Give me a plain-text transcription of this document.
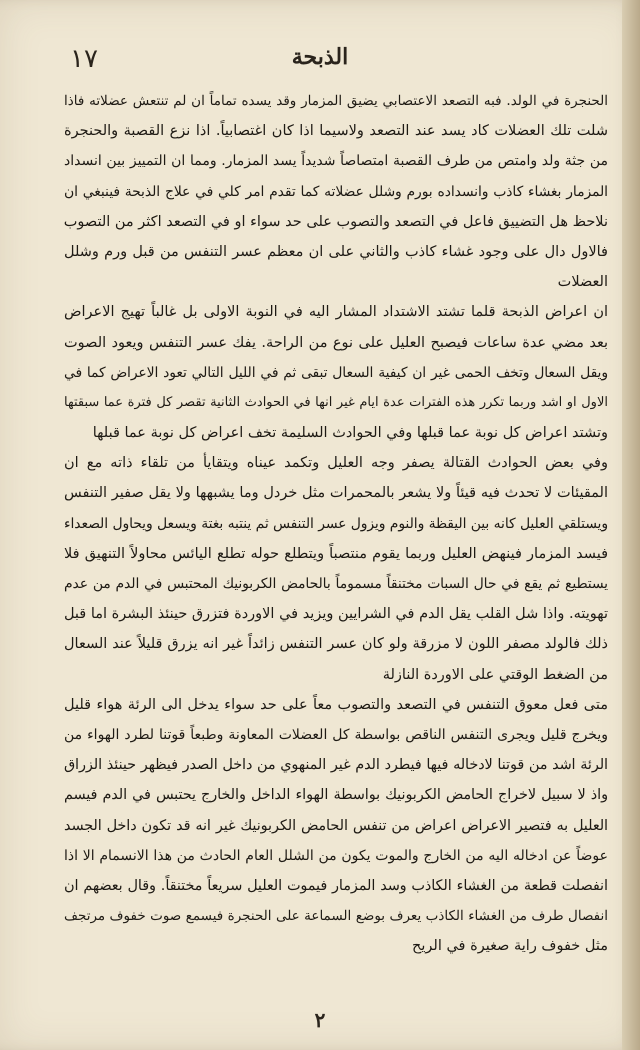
١٧	الذبحة
الحنجرة في الولد. فبه التصعد الاعتصابي يضيق المزمار وقد يسده تماماً ان لم تنتعش عضلاته فاذا
شلت تلك العضلات كاد يسد عند التصعد ولاسيما اذا كان اغتصابياً. اذا نزع القصبة والحنجرة
من جثة ولد وامتص من طرف القصبة امتصاصاً شديداً يسد المزمار. ومما ان التمييز بين انسداد
المزمار بغشاء كاذب وانسداده بورم وشلل عضلاته كما تقدم امر كلي في علاج الذبحة فينبغي ان
نلاحظ هل التضييق فاعل في التصعد والتصوب على حد سواء او في التصعد اكثر من التصوب
فالاول دال على وجود غشاء كاذب والثاني على ان معظم عسر التنفس من قبل ورم وشلل
العضلات
ان اعراض الذبحة قلما تشتد الاشتداد المشار اليه في النوبة الاولى بل غالباً تهيج الاعراض
بعد مضي عدة ساعات فيصبح العليل على نوع من الراحة. يفك عسر التنفس ويعود الصوت
ويقل السعال وتخف الحمى غير ان كيفية السعال تبقى ثم في الليل التالي تعود الاعراض كما في
الاول او اشد وربما تكرر هذه الفترات عدة ايام غير انها في الحوادث الثانية تقصر كل فترة عما سبقتها
وتشتد اعراض كل نوبة عما قبلها وفي الحوادث السليمة تخف اعراض كل نوبة عما قبلها
وفي بعض الحوادث القتالة يصفر وجه العليل وتكمد عيناه ويتقايأ من تلقاء ذاته مع ان
المقيئات لا تحدث فيه قيئاً ولا يشعر بالمحمرات مثل خردل وما يشبهها ولا يقل صفير التنفس
ويستلقي العليل كانه بين اليقظة والنوم ويزول عسر التنفس ثم ينتبه بغتة ويسعل ويحاول الصعداء
فيسد المزمار فينهض العليل وربما يقوم منتصباً ويتطلع حوله تطلع اليائس محاولاً التنهيق فلا
يستطيع ثم يقع في حال السبات مختنقاً مسموماً بالحامض الكربونيك المحتبس في الدم من عدم
تهويته. واذا شل القلب يقل الدم في الشرايين ويزيد في الاوردة فتزرق حينئذ البشرة اما قبل
ذلك فالولد مصفر اللون لا مزرقة ولو كان عسر التنفس زائداً غير انه يزرق قليلاً عند السعال
من الضغط الوقتي على الاوردة النازلة
متى فعل معوق التنفس في التصعد والتصوب معاً على حد سواء يدخل الى الرئة هواء قليل
ويخرج قليل ويجرى التنفس الناقص بواسطة كل العضلات المعاونة وطبعاً قوتنا لطرد الهواء من
الرئة اشد من قوتنا لادخاله فيها فيطرد الدم غير المنهوي من داخل الصدر فيظهر حينئذ الزراق
واذ لا سبيل لاخراج الحامض الكربونيك بواسطة الهواء الداخل والخارج يحتبس في الدم فيسم
العليل به فتصير الاعراض اعراض من تنفس الحامض الكربونيك غير انه قد تكون داخل الجسد
عوضاً عن ادخاله اليه من الخارج والموت يكون من الشلل العام الحادث من هذا الانسمام الا اذا
انفصلت قطعة من الغشاء الكاذب وسد المزمار فيموت العليل سريعاً مختنقاً. وقال بعضهم ان
انفصال طرف من الغشاء الكاذب يعرف بوضع السماعة على الحنجرة فيسمع صوت خفوف مرتجف
مثل خفوف راية صغيرة في الريح
٢
